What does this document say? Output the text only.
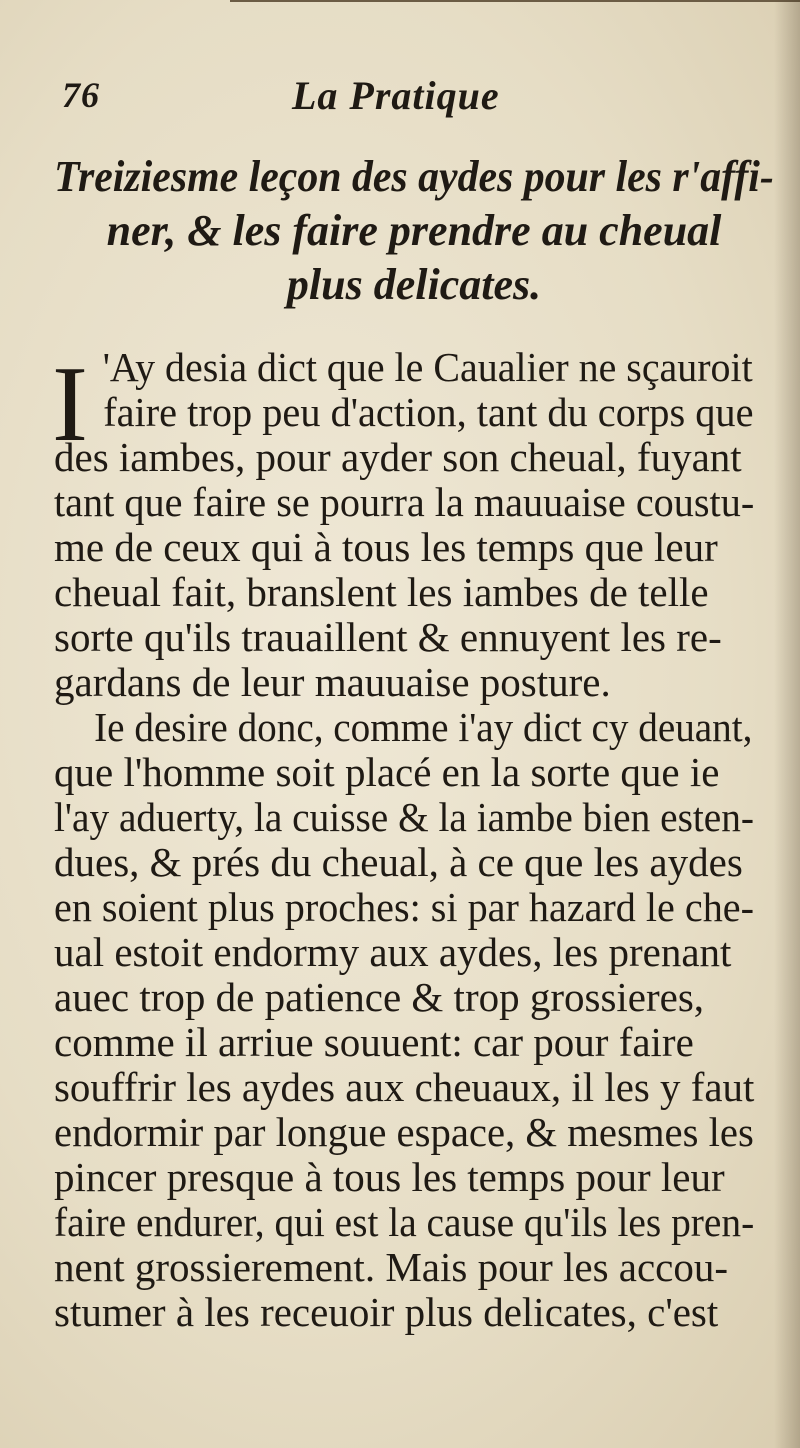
76	La Pratique
Treiziesme leçon des aydes pour les r'affi-
ner, & les faire prendre au cheual
plus delicates.
I 'Ay desia dict que le Caualier ne sçauroit
faire trop peu d'action, tant du corps que
des iambes, pour ayder son cheual, fuyant
tant que faire se pourra la mauuaise coustu-
me de ceux qui à tous les temps que leur
cheual fait, branslent les iambes de telle
sorte qu'ils trauaillent & ennuyent les re-
gardans de leur mauuaise posture.
Ie desire donc, comme i'ay dict cy deuant,
que l'homme soit placé en la sorte que ie
l'ay aduerty, la cuisse & la iambe bien esten-
dues, & prés du cheual, à ce que les aydes
en soient plus proches: si par hazard le che-
ual estoit endormy aux aydes, les prenant
auec trop de patience & trop grossieres,
comme il arriue souuent: car pour faire
souffrir les aydes aux cheuaux, il les y faut
endormir par longue espace, & mesmes les
pincer presque à tous les temps pour leur
faire endurer, qui est la cause qu'ils les pren-
nent grossierement. Mais pour les accou-
stumer à les receuoir plus delicates, c'est
